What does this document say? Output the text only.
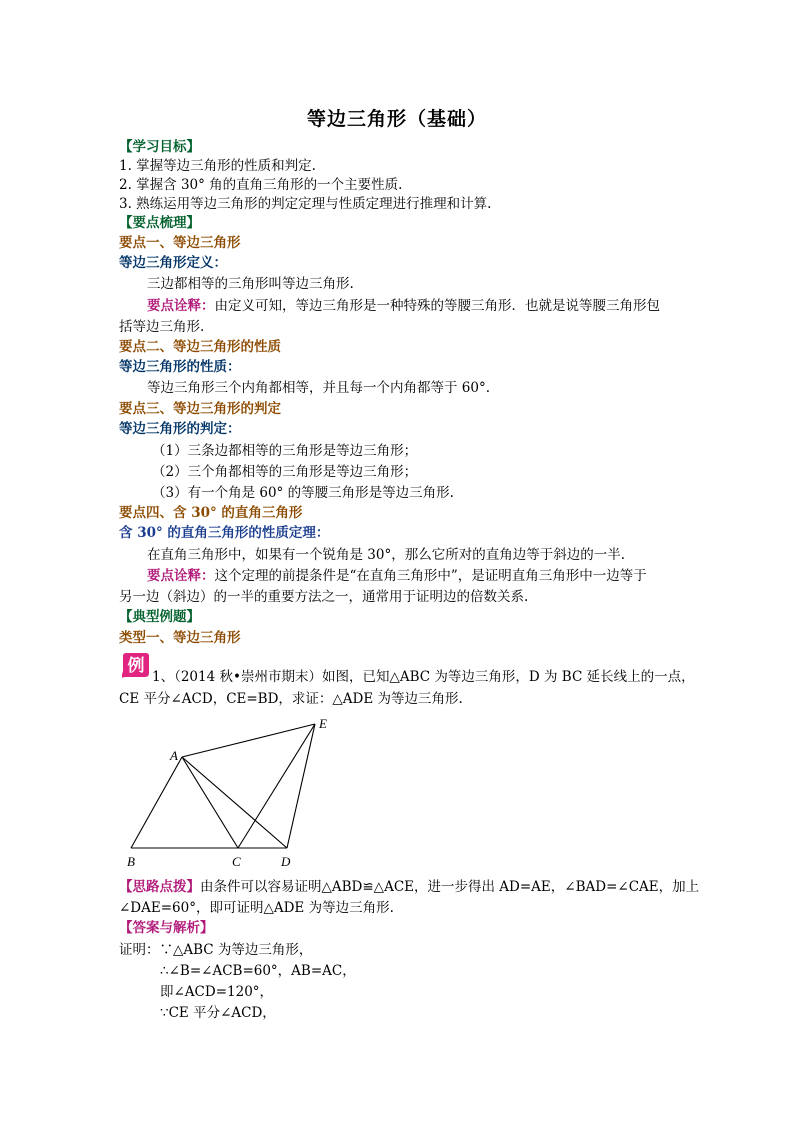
等边三角形（基础）
【学习目标】
1. 掌握等边三角形的性质和判定.
2. 掌握含 30° 角的直角三角形的一个主要性质.
3. 熟练运用等边三角形的判定定理与性质定理进行推理和计算.
【要点梳理】
要点一、等边三角形
等边三角形定义：
三边都相等的三角形叫等边三角形.
要点诠释：由定义可知，等边三角形是一种特殊的等腰三角形．也就是说等腰三角形包
括等边三角形.
要点二、等边三角形的性质
等边三角形的性质：
等边三角形三个内角都相等，并且每一个内角都等于 60°.
要点三、等边三角形的判定
等边三角形的判定：
（1）三条边都相等的三角形是等边三角形；
（2）三个角都相等的三角形是等边三角形；
（3）有一个角是 60° 的等腰三角形是等边三角形.
要点四、含 30° 的直角三角形
含 30° 的直角三角形的性质定理：
在直角三角形中，如果有一个锐角是 30°，那么它所对的直角边等于斜边的一半.
要点诠释：这个定理的前提条件是“在直角三角形中”，是证明直角三角形中一边等于
另一边（斜边）的一半的重要方法之一，通常用于证明边的倍数关系.
【典型例题】
类型一、等边三角形
例
1、（2014 秋•崇州市期末）如图，已知△ABC 为等边三角形，D 为 BC 延长线上的一点，
CE 平分∠ACD，CE=BD，求证：△ADE 为等边三角形.
A
B	C	D
E
【思路点拨】由条件可以容易证明△ABD≌△ACE，进一步得出 AD=AE，∠BAD=∠CAE，加上
∠DAE=60°，即可证明△ADE 为等边三角形.
【答案与解析】
证明：∵△ABC 为等边三角形，
∴∠B=∠ACB=60°，AB=AC，
即∠ACD=120°，
∵CE 平分∠ACD，
